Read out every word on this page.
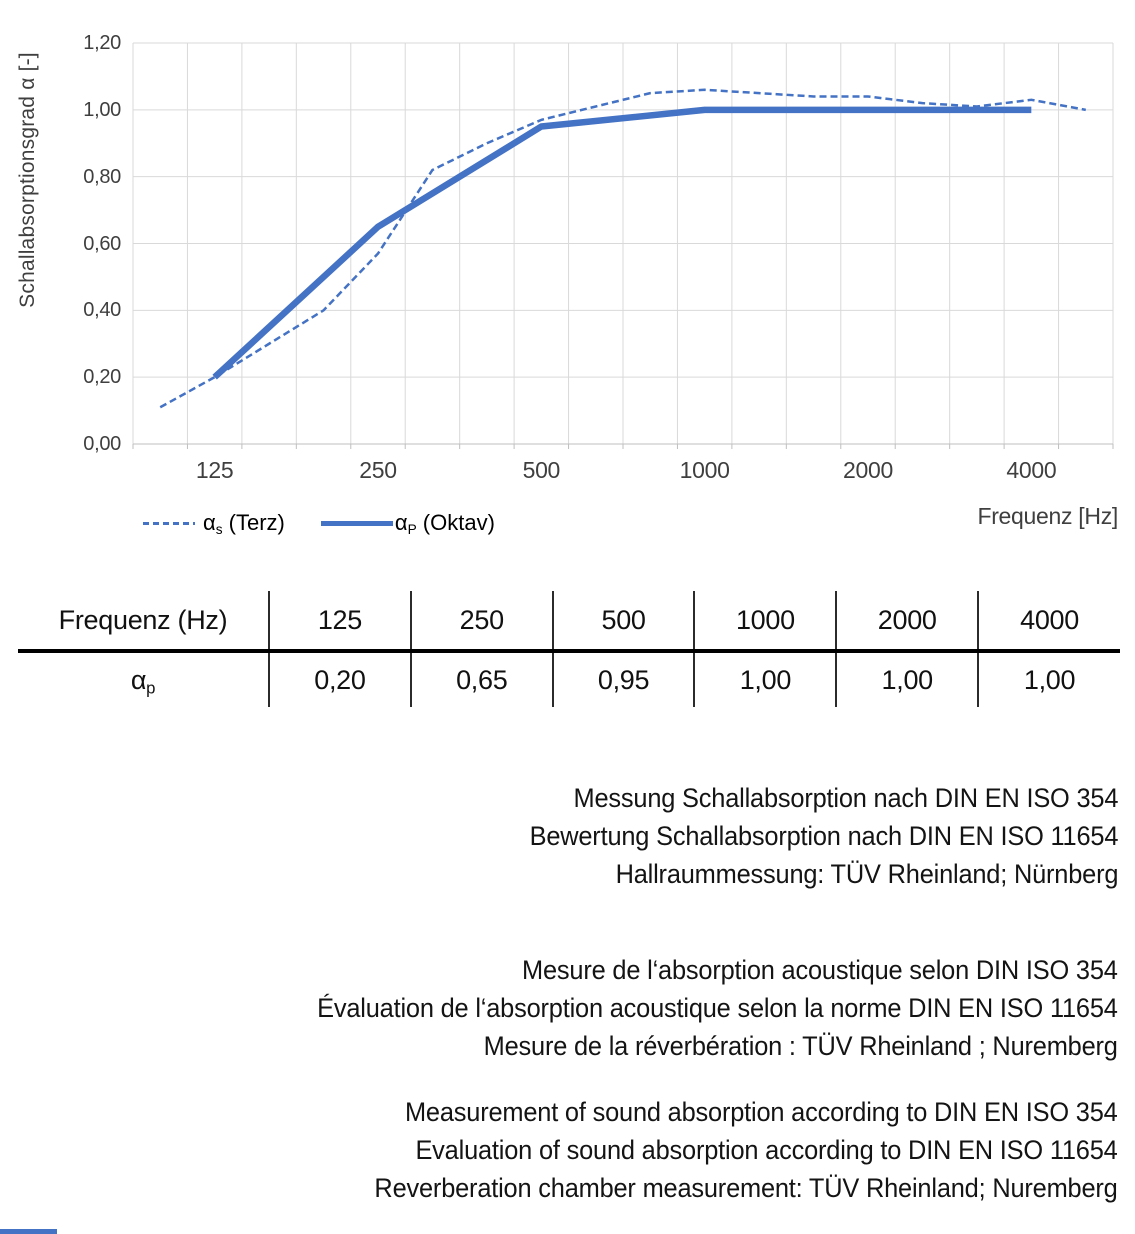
Schallabsorptionsgrad α [-]
1,20
1,00
0,80
0,60
0,40
0,20
0,00
125	250	500	1000	2000	4000
Frequenz [Hz]
$\alpha_s$ (Terz)	$\alpha_P$ (Oktav)
Frequenz (Hz)	125	250	500	1000	2000	4000
$\alpha_p$	0,20	0,65	0,95	1,00	1,00	1,00
Messung Schallabsorption nach DIN EN ISO 354
Bewertung Schallabsorption nach DIN EN ISO 11654
Hallraummessung: TÜV Rheinland; Nürnberg
Mesure de l‘absorption acoustique selon DIN ISO 354
Évaluation de l‘absorption acoustique selon la norme DIN EN ISO 11654
Mesure de la réverbération : TÜV Rheinland ; Nuremberg
Measurement of sound absorption according to DIN EN ISO 354
Evaluation of sound absorption according to DIN EN ISO 11654
Reverberation chamber measurement: TÜV Rheinland; Nuremberg
